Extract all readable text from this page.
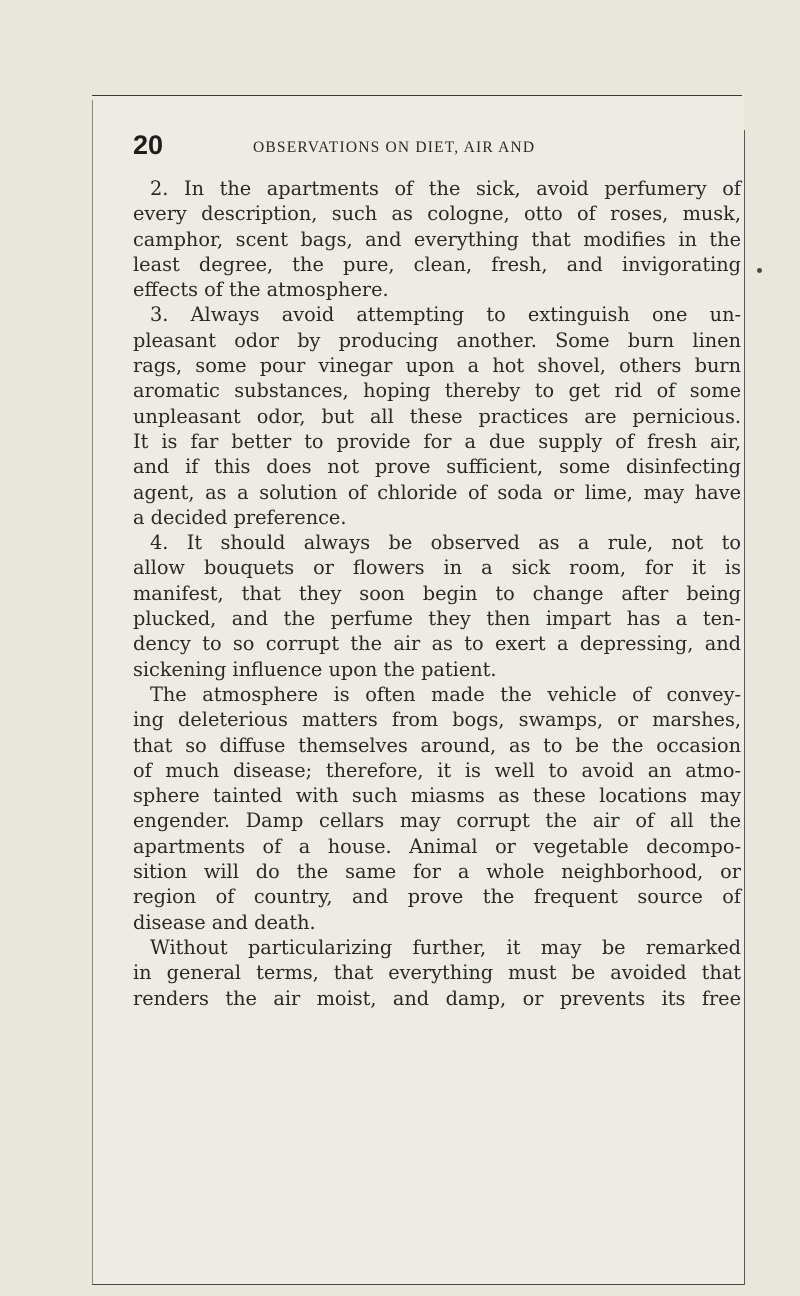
20	OBSERVATIONS ON DIET, AIR AND
2. In the apartments of the sick, avoid perfumery of
every description, such as cologne, otto of roses, musk,
camphor, scent bags, and everything that modifies in the
least degree, the pure, clean, fresh, and invigorating
effects of the atmosphere.
3. Always avoid attempting to extinguish one un-
pleasant odor by producing another. Some burn linen
rags, some pour vinegar upon a hot shovel, others burn
aromatic substances, hoping thereby to get rid of some
unpleasant odor, but all these practices are pernicious.
It is far better to provide for a due supply of fresh air,
and if this does not prove sufficient, some disinfecting
agent, as a solution of chloride of soda or lime, may have
a decided preference.
4. It should always be observed as a rule, not to
allow bouquets or flowers in a sick room, for it is
manifest, that they soon begin to change after being
plucked, and the perfume they then impart has a ten-
dency to so corrupt the air as to exert a depressing, and
sickening influence upon the patient.
The atmosphere is often made the vehicle of convey-
ing deleterious matters from bogs, swamps, or marshes,
that so diffuse themselves around, as to be the occasion
of much disease; therefore, it is well to avoid an atmo-
sphere tainted with such miasms as these locations may
engender. Damp cellars may corrupt the air of all the
apartments of a house. Animal or vegetable decompo-
sition will do the same for a whole neighborhood, or
region of country, and prove the frequent source of
disease and death.
Without particularizing further, it may be remarked
in general terms, that everything must be avoided that
renders the air moist, and damp, or prevents its free
